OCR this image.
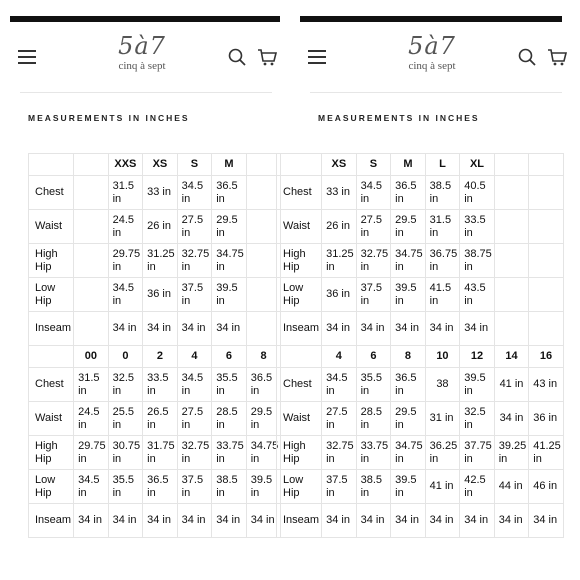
5à7
cinq à sept
MEASUREMENTS IN INCHES
		XXS	XS	S	M	
Chest		31.5 in	33 in	34.5 in	36.5 in	
Waist		24.5 in	26 in	27.5 in	29.5 in	
High Hip		29.75 in	31.25 in	32.75 in	34.75 in	
Low Hip		34.5 in	36 in	37.5 in	39.5 in	
Inseam		34 in	34 in	34 in	34 in	
	00	0	2	4	6	8
Chest	31.5 in	32.5 in	33.5 in	34.5 in	35.5 in	36.5 in
Waist	24.5 in	25.5 in	26.5 in	27.5 in	28.5 in	29.5 in
High Hip	29.75 in	30.75 in	31.75 in	32.75 in	33.75 in	34.75 in
Low Hip	34.5 in	35.5 in	36.5 in	37.5 in	38.5 in	39.5 in
Inseam	34 in	34 in	34 in	34 in	34 in	34 in
5à7
cinq à sept
MEASUREMENTS IN INCHES
	XS	S	M	L	XL		
Chest	33 in	34.5 in	36.5 in	38.5 in	40.5 in		
Waist	26 in	27.5 in	29.5 in	31.5 in	33.5 in		
High Hip	31.25 in	32.75 in	34.75 in	36.75 in	38.75 in		
Low Hip	36 in	37.5 in	39.5 in	41.5 in	43.5 in		
Inseam	34 in	34 in	34 in	34 in	34 in		
	4	6	8	10	12	14	16
Chest	34.5 in	35.5 in	36.5 in	38	39.5 in	41 in	43 in
Waist	27.5 in	28.5 in	29.5 in	31 in	32.5 in	34 in	36 in
High Hip	32.75 in	33.75 in	34.75 in	36.25 in	37.75 in	39.25 in	41.25 in
Low Hip	37.5 in	38.5 in	39.5 in	41 in	42.5 in	44 in	46 in
Inseam	34 in	34 in	34 in	34 in	34 in	34 in	34 in
